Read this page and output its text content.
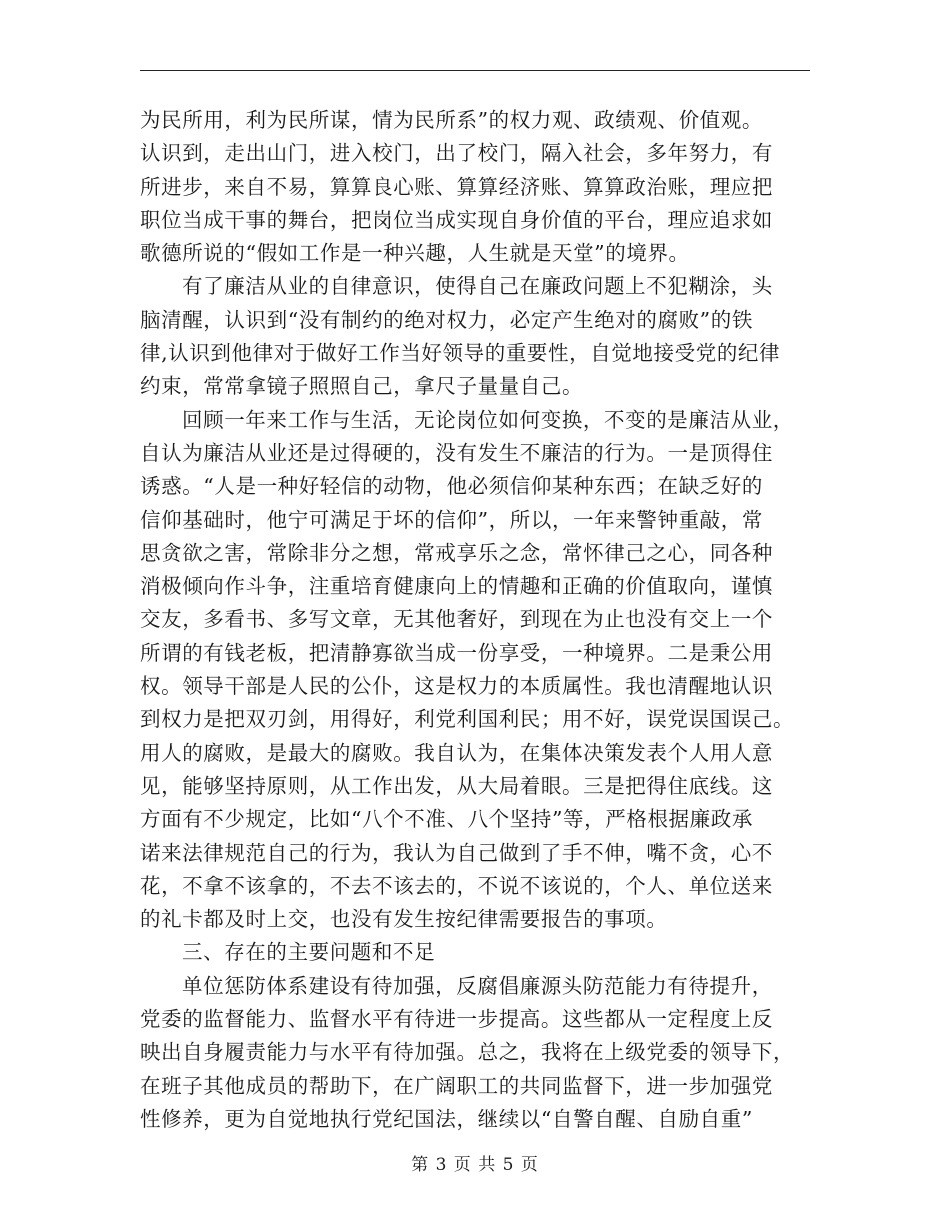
为民所用，利为民所谋，情为民所系”的权力观、政绩观、价值观。
认识到，走出山门，进入校门，出了校门，隔入社会，多年努力，有
所进步，来自不易，算算良心账、算算经济账、算算政治账，理应把
职位当成干事的舞台，把岗位当成实现自身价值的平台，理应追求如
歌德所说的“假如工作是一种兴趣，人生就是天堂”的境界。
有了廉洁从业的自律意识，使得自己在廉政问题上不犯糊涂，头
脑清醒，认识到“没有制约的绝对权力，必定产生绝对的腐败”的铁
律,认识到他律对于做好工作当好领导的重要性，自觉地接受党的纪律
约束，常常拿镜子照照自己，拿尺子量量自己。
回顾一年来工作与生活，无论岗位如何变换，不变的是廉洁从业，
自认为廉洁从业还是过得硬的，没有发生不廉洁的行为。一是顶得住
诱惑。“人是一种好轻信的动物，他必须信仰某种东西；在缺乏好的
信仰基础时，他宁可满足于坏的信仰”，所以，一年来警钟重敲，常
思贪欲之害，常除非分之想，常戒享乐之念，常怀律己之心，同各种
消极倾向作斗争，注重培育健康向上的情趣和正确的价值取向，谨慎
交友，多看书、多写文章，无其他奢好，到现在为止也没有交上一个
所谓的有钱老板，把清静寡欲当成一份享受，一种境界。二是秉公用
权。领导干部是人民的公仆，这是权力的本质属性。我也清醒地认识
到权力是把双刃剑，用得好，利党利国利民；用不好，误党误国误己。
用人的腐败，是最大的腐败。我自认为，在集体决策发表个人用人意
见，能够坚持原则，从工作出发，从大局着眼。三是把得住底线。这
方面有不少规定，比如“八个不准、八个坚持”等，严格根据廉政承
诺来法律规范自己的行为，我认为自己做到了手不伸，嘴不贪，心不
花，不拿不该拿的，不去不该去的，不说不该说的，个人、单位送来
的礼卡都及时上交，也没有发生按纪律需要报告的事项。
三、存在的主要问题和不足
单位惩防体系建设有待加强，反腐倡廉源头防范能力有待提升，
党委的监督能力、监督水平有待进一步提高。这些都从一定程度上反
映出自身履责能力与水平有待加强。总之，我将在上级党委的领导下，
在班子其他成员的帮助下，在广阔职工的共同监督下，进一步加强党
性修养，更为自觉地执行党纪国法，继续以“自警自醒、自励自重”
第 3 页 共 5 页
